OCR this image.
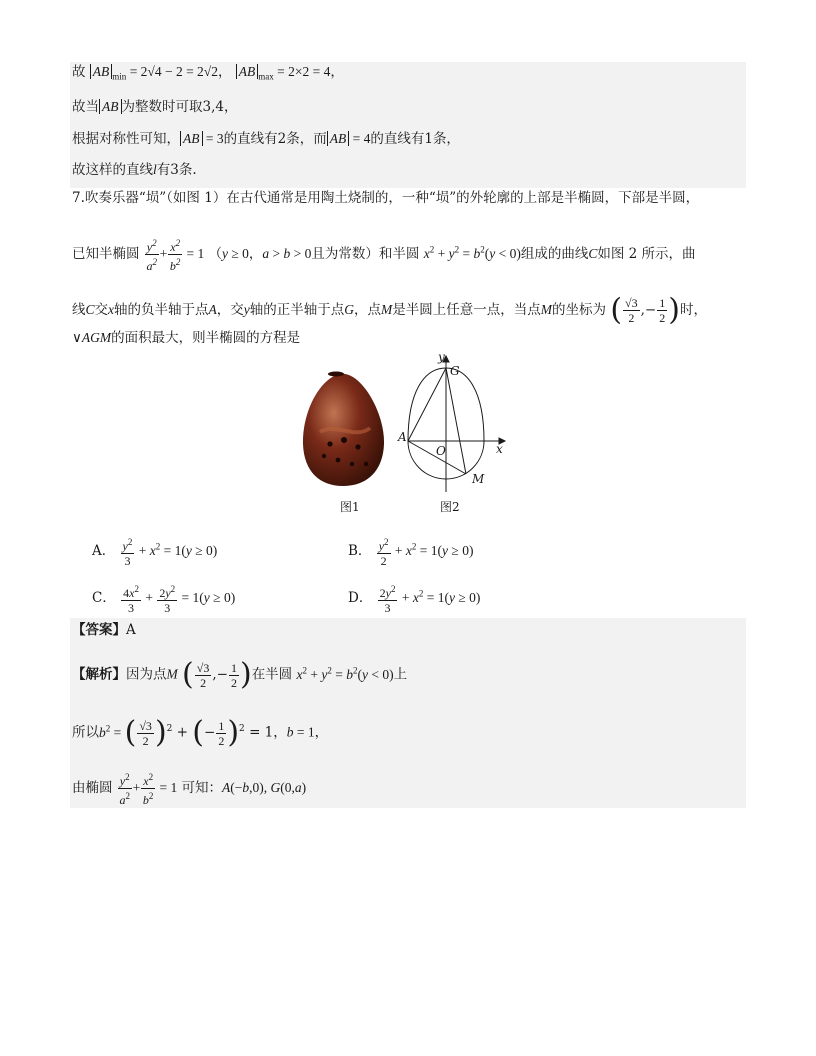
故 AB $_{min}$ = 2√4 − 2 = 2√2， AB $_{max}$ = 2×2 = 4，
故当 AB 为整数时可取3,4，
根据对称性可知， AB = 3的直线有2条，而 AB = 4的直线有1条，
故这样的直线l有3条.
7.吹奏乐器“埙”（如图 1）在古代通常是用陶土烧制的，一种“埙”的外轮廓的上部是半椭圆，下部是半圆，
已知半椭圆 $\frac{y^2}{a^2} + \frac{x^2}{b^2} = 1$ （y ≥ 0，a > b > 0且为常数）和半圆 $x^2 + y^2 = b^2(y < 0)$组成的曲线C如图 2 所示，曲
线C交x轴的负半轴于点A，交y轴的正半轴于点G，点M是半圆上任意一点，当点M的坐标为 ( $\frac{√3}{2}$ ,− $\frac{1}{2}$ )时，
∨AGM的面积最大，则半椭圆的方程是
y
G
A
O	x
M
图1	图2
A． $\frac{y^2}{3} + x^2 = 1(y \ge 0)$	B． $\frac{y^2}{2} + x^2 = 1(y \ge 0)$
C． $\frac{4x^2}{3} + \frac{2y^2}{3} = 1(y \ge 0)$	D． $\frac{2y^2}{3} + x^2 = 1(y \ge 0)$
【答案】A
【解析】因为点M ( $\frac{√3}{2}$ ,− $\frac{1}{2}$ )在半圆 $x^2 + y^2 = b^2(y < 0)$上
所以$b^2$ = ( $\frac{√3}{2} )^2$ + (− $\frac{1}{2} )^2 = 1$，b = 1，
由椭圆 $\frac{y^2}{a^2} + \frac{x^2}{b^2} = 1$ 可知：A(−b,0), G(0,a)
